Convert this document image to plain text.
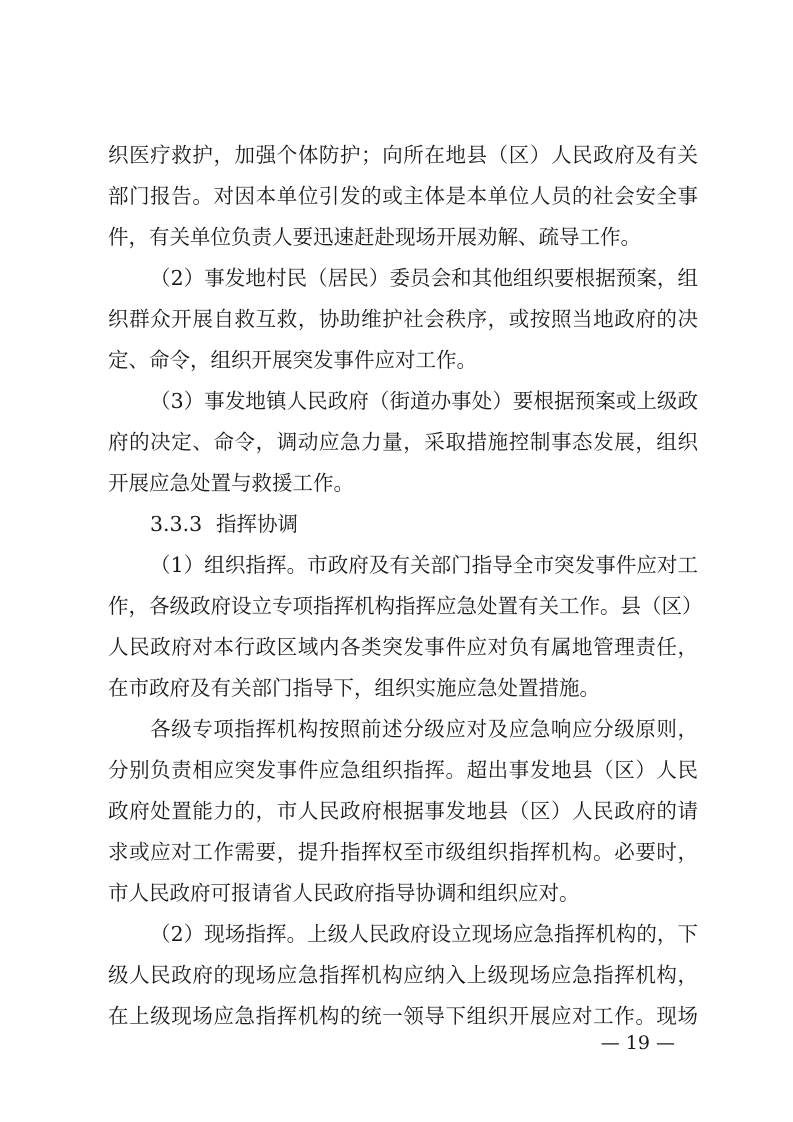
织医疗救护，加强个体防护；向所在地县（区）人民政府及有关
部门报告。对因本单位引发的或主体是本单位人员的社会安全事
件，有关单位负责人要迅速赶赴现场开展劝解、疏导工作。
（2）事发地村民（居民）委员会和其他组织要根据预案，组
织群众开展自救互救，协助维护社会秩序，或按照当地政府的决
定、命令，组织开展突发事件应对工作。
（3）事发地镇人民政府（街道办事处）要根据预案或上级政
府的决定、命令，调动应急力量，采取措施控制事态发展，组织
开展应急处置与救援工作。
3.3.3 指挥协调
（1）组织指挥。市政府及有关部门指导全市突发事件应对工
作，各级政府设立专项指挥机构指挥应急处置有关工作。县（区）
人民政府对本行政区域内各类突发事件应对负有属地管理责任，
在市政府及有关部门指导下，组织实施应急处置措施。
各级专项指挥机构按照前述分级应对及应急响应分级原则，
分别负责相应突发事件应急组织指挥。超出事发地县（区）人民
政府处置能力的，市人民政府根据事发地县（区）人民政府的请
求或应对工作需要，提升指挥权至市级组织指挥机构。必要时，
市人民政府可报请省人民政府指导协调和组织应对。
（2）现场指挥。上级人民政府设立现场应急指挥机构的，下
级人民政府的现场应急指挥机构应纳入上级现场应急指挥机构，
在上级现场应急指挥机构的统一领导下组织开展应对工作。现场
— 19 —
